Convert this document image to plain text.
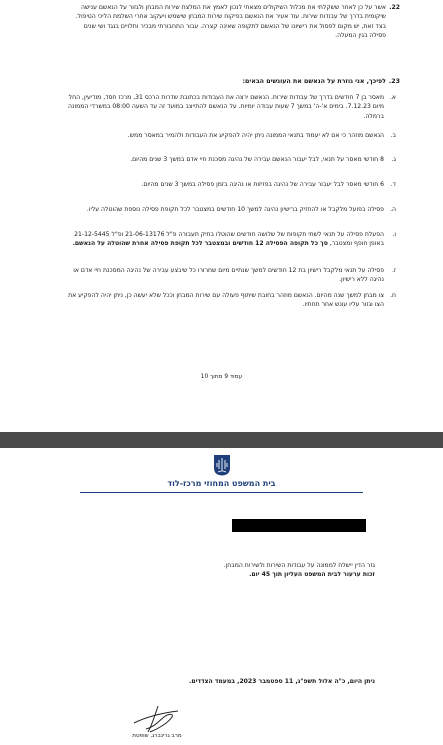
22.
אשר על כן לאחר ששקלתי את מכלול השיקולים מצאתי לנכון לאמץ את המלצת שירות המבחן ולגזור על הנאשם ענישה שיקומית בדרך של עבודות שירות. עוד אעיר את הנאשם בפיקוח שירות המבחן שישמש ויעקוב אחרי השלמת הליכי הטיפול. בצד זאת, יש מקום לפסול את רישיונו של הנאשם לתקופה שאינה קצרה. עבור התחבורתי מבכיר ותלויים בנגד ושי שנים פסילה בגין המעלה.
23.
לפיכך, אני גוזרת על הנאשם את העונשים הבאים:
א.
מאסר בן 7 חודשים בדרך של עבודות שירות. הנאשם ירצה את העבודות בכתובת שדרות הרכס 31, מרכז חסד, מודיעין, החל מיום 7.12.23. בימים א'-ה' במשך 7 שעות עבודה יומיות. על הנאשם להתייצב במועד זה עד השעה 08:00 במשרדי הממונה ברמלה.
ב.
הנאשם מוזהר כי אם לא יעמוד בתנאי הממונה ניתן יהיה להפקיע את העבודות ולהמיר במאסר ממש.
ג.
8 חודשי מאסר על תנאי, לבל יעבור הנאשם עבירה של נהיגה מסכנת חיי אדם במשך 3 שנים מהיום.
ד.
6 חודשי מאסר לבל יעבור עבירה של נהיגה בפזיזות או נהיגה בזמן פסילה במשך 3 שנים מהיום.
ה.
פסילה בפועל מלקבל או להחזיק ברישיון נהיגה למשך 10 חודשים במצטבר לכל תקופת פסילה נוספת שהוטלה עליו.
ו.
הפעלת פסילה על תנאי לשתי תקופות של שלושה חודשים שהוטלו בתיק תעבורה פ"ל 21-06-13176 ופ"ל 21-12-5445 באופן חופף ומצטבר, סך כל תקופה הפסילה 12 חודשים ובמצטבר לכל תקופת פסילה אחרת שהוטלה על הנאשם.
ז.
פסילה על תנאי מלקבל רישיון בת 12 חודשים למשך שנתיים מיום שחרורו כל שיבצע עבירה של נהיגה המסכנת חיי אדם או נהיגה ללא רישיון.
ח.
צו מבחן למשך שנה מהיום. הנאשם מוזהר בחובת שיתוף פעולה עם שירות המבחן וככל שלא יעשה כן, ניתן יהיה להפקיע את הצו וגזור עליו עונש אחר תחתיו.
עמוד 9 מתוך 10
בית המשפט המחוזי מרכז-לוד
גזר הדין יישלח לממונה על עבודות השירות ולשירות המבחן.
זכות ערעור לבית המשפט העליון תוך 45 יום.
ניתן היום, כ"ה אלול תשפ"ג, 11 ספטמבר 2023, במעמד הצדדים.
מרב גרינברג, שופטת
